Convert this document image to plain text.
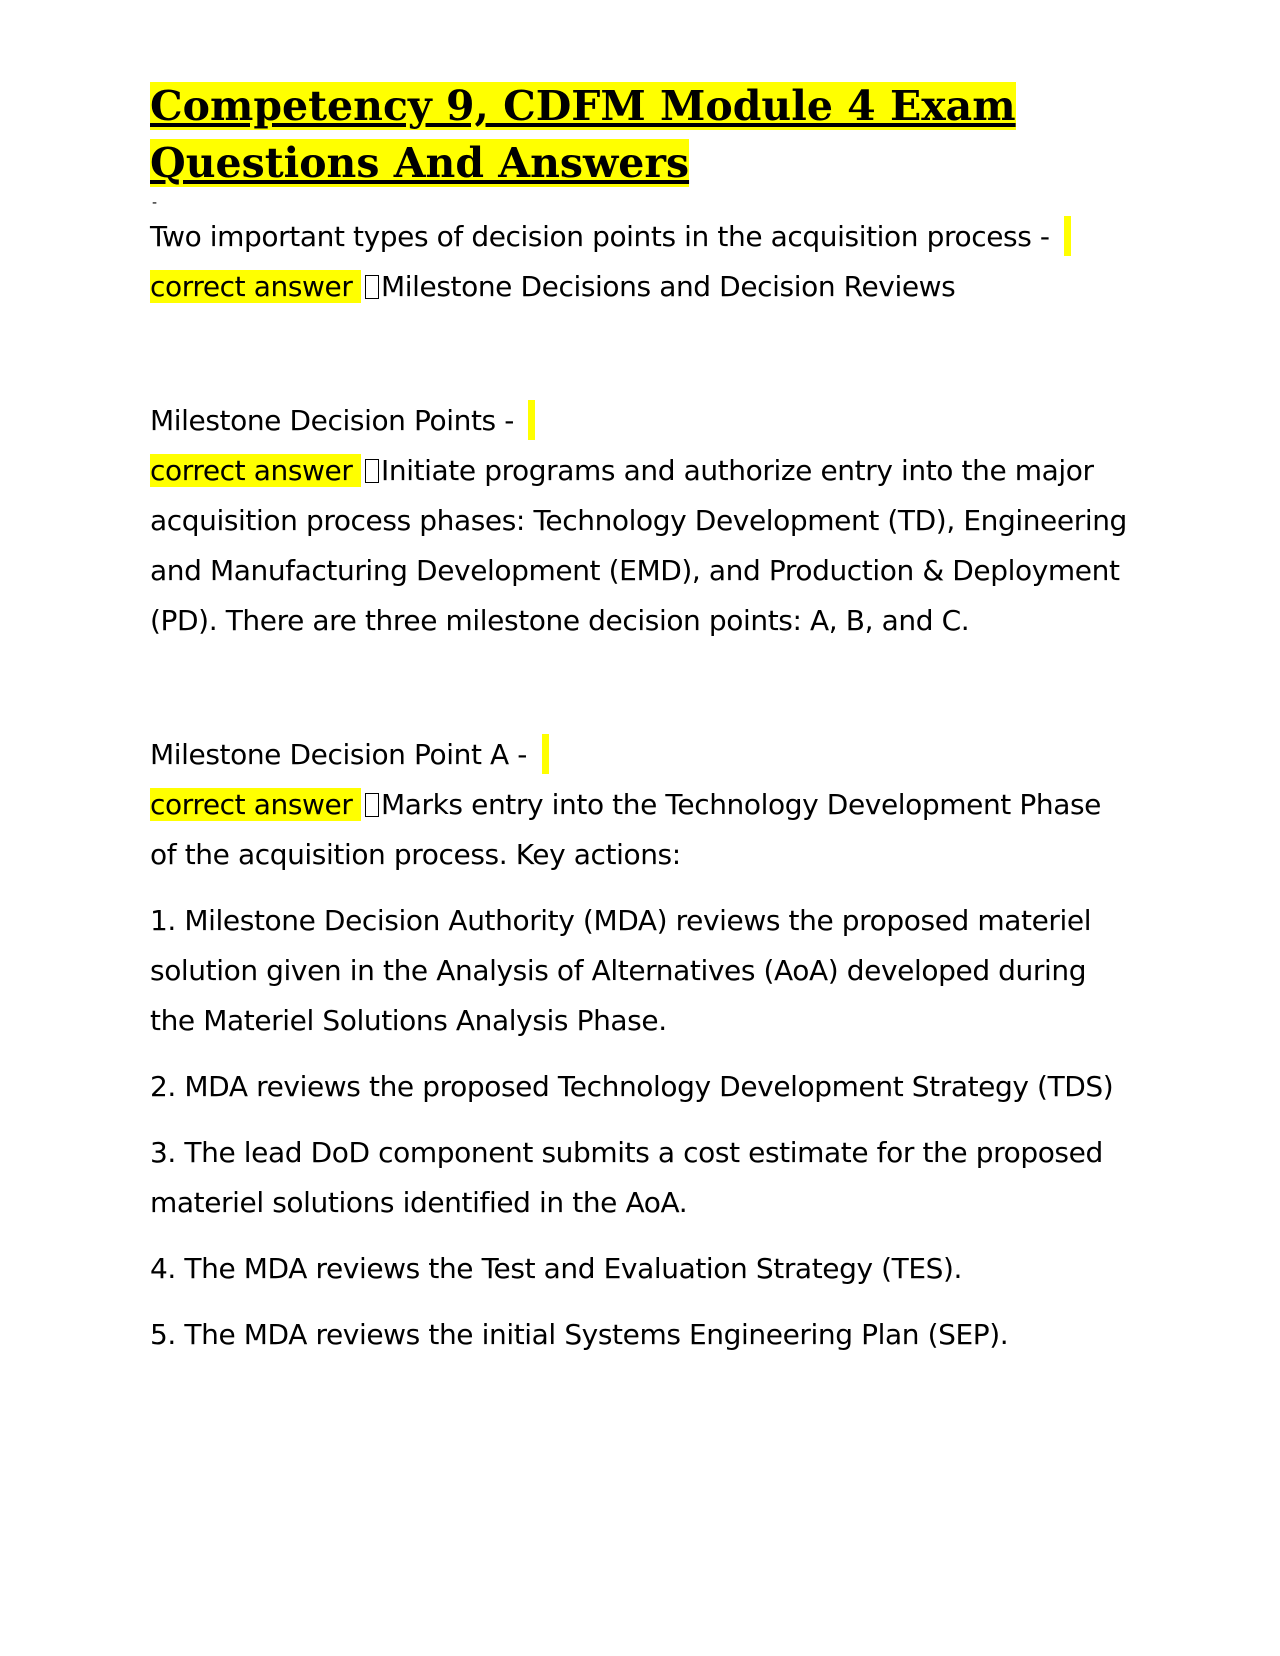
Competency 9, CDFM Module 4 Exam
Questions And Answers
-
Two important types of decision points in the acquisition process -
correct answer Milestone Decisions and Decision Reviews
Milestone Decision Points -
correct answer Initiate programs and authorize entry into the major acquisition process phases: Technology Development (TD), Engineering and Manufacturing Development (EMD), and Production & Deployment (PD). There are three milestone decision points: A, B, and C.
Milestone Decision Point A -
correct answer Marks entry into the Technology Development Phase of the acquisition process. Key actions:
1. Milestone Decision Authority (MDA) reviews the proposed materiel solution given in the Analysis of Alternatives (AoA) developed during the Materiel Solutions Analysis Phase.
2. MDA reviews the proposed Technology Development Strategy (TDS)
3. The lead DoD component submits a cost estimate for the proposed materiel solutions identified in the AoA.
4. The MDA reviews the Test and Evaluation Strategy (TES).
5. The MDA reviews the initial Systems Engineering Plan (SEP).
